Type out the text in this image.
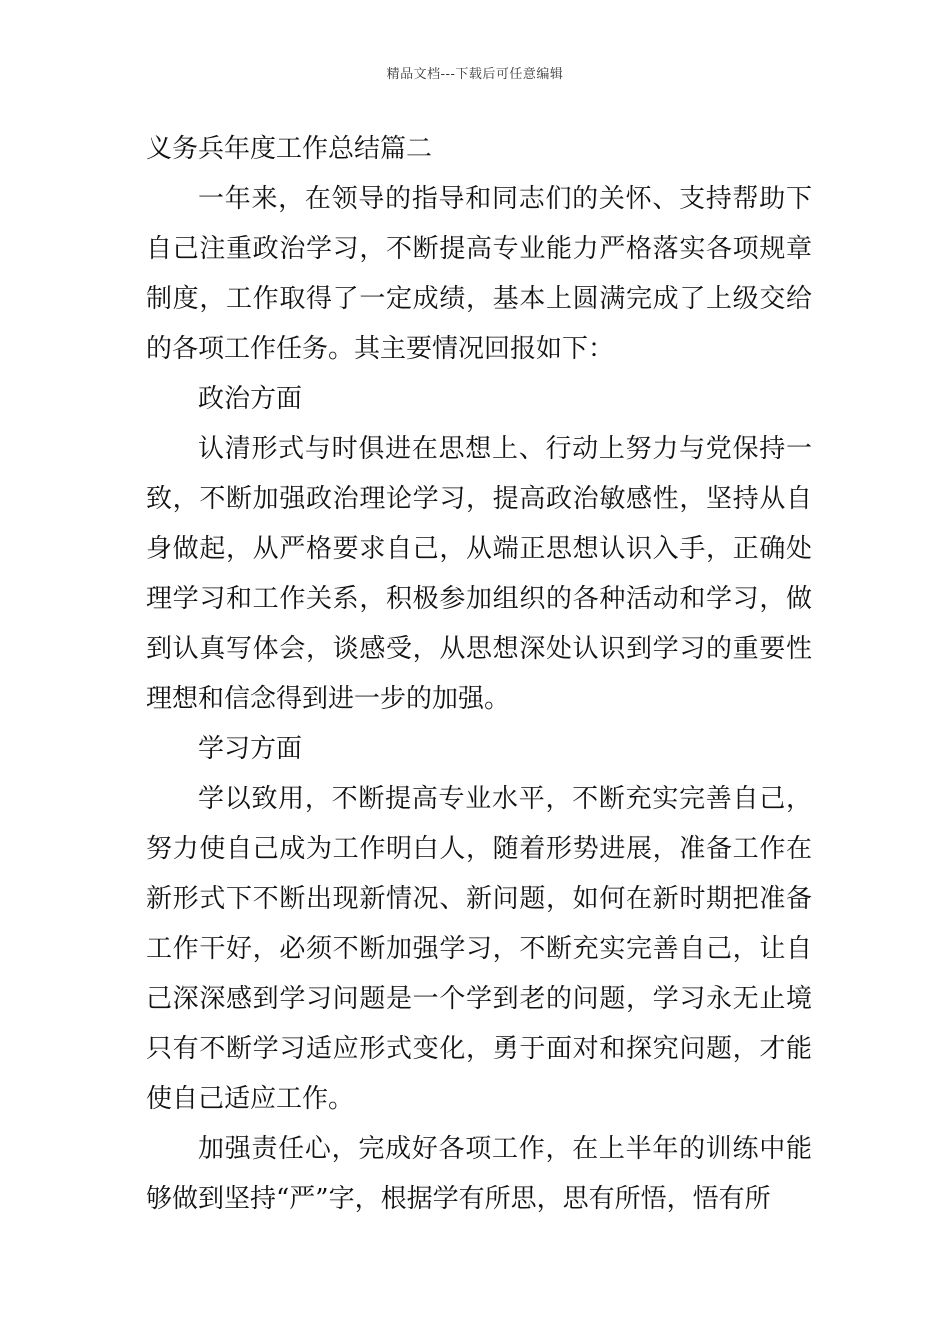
精品文档---下载后可任意编辑

义务兵年度工作总结篇二

一年来，在领导的指导和同志们的关怀、支持帮助下自己注重政治学习，不断提高专业能力严格落实各项规章制度，工作取得了一定成绩，基本上圆满完成了上级交给的各项工作任务。其主要情况回报如下：

政治方面

认清形式与时俱进在思想上、行动上努力与党保持一致，不断加强政治理论学习，提高政治敏感性，坚持从自身做起，从严格要求自己，从端正思想认识入手，正确处理学习和工作关系，积极参加组织的各种活动和学习，做到认真写体会，谈感受，从思想深处认识到学习的重要性理想和信念得到进一步的加强。

学习方面

学以致用，不断提高专业水平，不断充实完善自己，努力使自己成为工作明白人，随着形势进展，准备工作在新形式下不断出现新情况、新问题，如何在新时期把准备工作干好，必须不断加强学习，不断充实完善自己，让自己深深感到学习问题是一个学到老的问题，学习永无止境只有不断学习适应形式变化，勇于面对和探究问题，才能使自己适应工作。

加强责任心，完成好各项工作，在上半年的训练中能够做到坚持“严”字，根据学有所思，思有所悟，悟有所
